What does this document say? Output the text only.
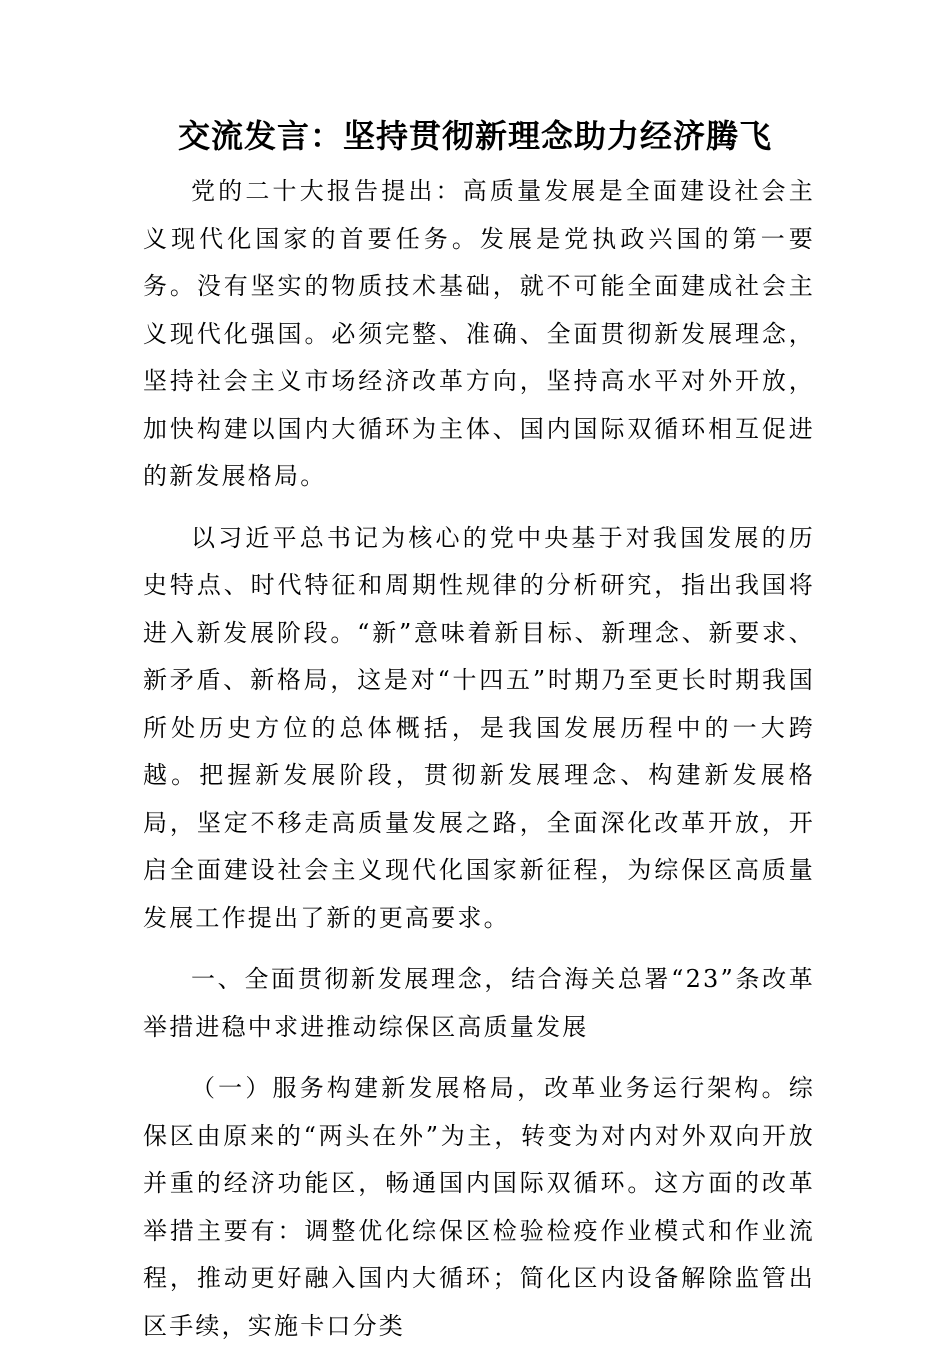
交流发言：坚持贯彻新理念助力经济腾飞

党的二十大报告提出：高质量发展是全面建设社会主义现代化国家的首要任务。发展是党执政兴国的第一要务。没有坚实的物质技术基础，就不可能全面建成社会主义现代化强国。必须完整、准确、全面贯彻新发展理念，坚持社会主义市场经济改革方向，坚持高水平对外开放，加快构建以国内大循环为主体、国内国际双循环相互促进的新发展格局。

以习近平总书记为核心的党中央基于对我国发展的历史特点、时代特征和周期性规律的分析研究，指出我国将进入新发展阶段。“新”意味着新目标、新理念、新要求、新矛盾、新格局，这是对“十四五”时期乃至更长时期我国所处历史方位的总体概括，是我国发展历程中的一大跨越。把握新发展阶段，贯彻新发展理念、构建新发展格局，坚定不移走高质量发展之路，全面深化改革开放，开启全面建设社会主义现代化国家新征程，为综保区高质量发展工作提出了新的更高要求。

一、全面贯彻新发展理念，结合海关总署“23”条改革举措进稳中求进推动综保区高质量发展

（一）服务构建新发展格局，改革业务运行架构。综保区由原来的“两头在外”为主，转变为对内对外双向开放并重的经济功能区，畅通国内国际双循环。这方面的改革举措主要有：调整优化综保区检验检疫作业模式和作业流程，推动更好融入国内大循环；简化区内设备解除监管出区手续，实施卡口分类
